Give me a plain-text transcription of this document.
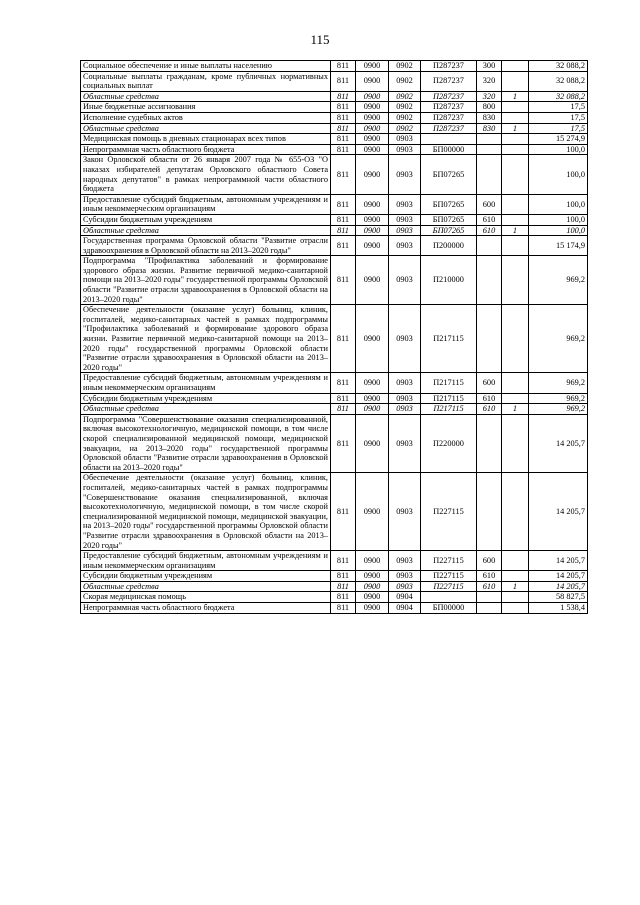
115
Социальное обеспечение и иные выплаты населению	811	0900	0902	П287237	300		32 088,2
Социальные выплаты гражданам, кроме публичных нормативных социальных выплат	811	0900	0902	П287237	320		32 088,2
Областные средства	811	0900	0902	П287237	320	1	32 088,2
Иные бюджетные ассигнования	811	0900	0902	П287237	800		17,5
Исполнение судебных актов	811	0900	0902	П287237	830		17,5
Областные средства	811	0900	0902	П287237	830	1	17,5
Медицинская помощь в дневных стационарах всех типов	811	0900	0903				15 274,9
Непрограммная часть областного бюджета	811	0900	0903	БП00000			100,0
Закон Орловской области от 26 января 2007 года № 655-ОЗ "О наказах избирателей депутатам Орловского областного Совета народных депутатов" в рамках непрограммной части областного бюджета	811	0900	0903	БП07265			100,0
Предоставление субсидий бюджетным, автономным учреждениям и иным некоммерческим организациям	811	0900	0903	БП07265	600		100,0
Субсидии бюджетным учреждениям	811	0900	0903	БП07265	610		100,0
Областные средства	811	0900	0903	БП07265	610	1	100,0
Государственная программа Орловской области "Развитие отрасли здравоохранения в Орловской области на 2013–2020 годы"	811	0900	0903	П200000			15 174,9
Подпрограмма "Профилактика заболеваний и формирование здорового образа жизни. Развитие первичной медико-санитарной помощи на 2013–2020 годы" государственной программы Орловской области "Развитие отрасли здравоохранения в Орловской области на 2013–2020 годы"	811	0900	0903	П210000			969,2
Обеспечение деятельности (оказание услуг) больниц, клиник, госпиталей, медико-санитарных частей в рамках подпрограммы "Профилактика заболеваний и формирование здорового образа жизни. Развитие первичной медико-санитарной помощи на 2013–2020 годы" государственной программы Орловской области "Развитие отрасли здравоохранения в Орловской области на 2013–2020 годы"	811	0900	0903	П217115			969,2
Предоставление субсидий бюджетным, автономным учреждениям и иным некоммерческим организациям	811	0900	0903	П217115	600		969,2
Субсидии бюджетным учреждениям	811	0900	0903	П217115	610		969,2
Областные средства	811	0900	0903	П217115	610	1	969,2
Подпрограмма "Совершенствование оказания специализированной, включая высокотехнологичную, медицинской помощи, в том числе скорой специализированной медицинской помощи, медицинской эвакуации, на 2013–2020 годы" государственной программы Орловской области "Развитие отрасли здравоохранения в Орловской области на 2013–2020 годы"	811	0900	0903	П220000			14 205,7
Обеспечение деятельности (оказание услуг) больниц, клиник, госпиталей, медико-санитарных частей в рамках подпрограммы "Совершенствование оказания специализированной, включая высокотехнологичную, медицинской помощи, в том числе скорой специализированной медицинской помощи, медицинской эвакуации, на 2013–2020 годы" государственной программы Орловской области "Развитие отрасли здравоохранения в Орловской области на 2013–2020 годы"	811	0900	0903	П227115			14 205,7
Предоставление субсидий бюджетным, автономным учреждениям и иным некоммерческим организациям	811	0900	0903	П227115	600		14 205,7
Субсидии бюджетным учреждениям	811	0900	0903	П227115	610		14 205,7
Областные средства	811	0900	0903	П227115	610	1	14 205,7
Скорая медицинская помощь	811	0900	0904				58 827,5
Непрограммная часть областного бюджета	811	0900	0904	БП00000			1 538,4
